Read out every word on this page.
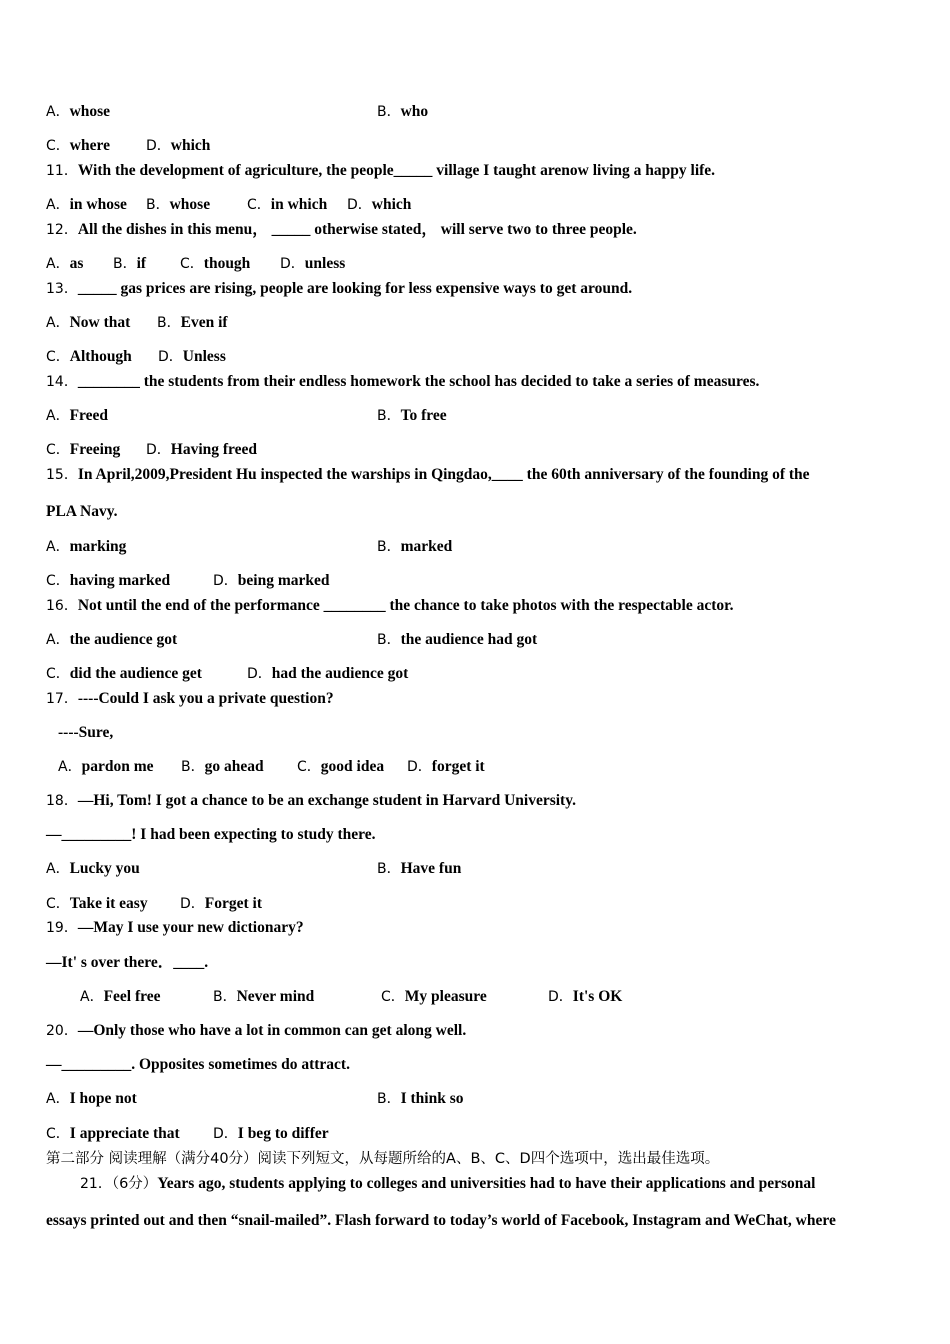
A．whose	B．who
C．where	D．which
11．With the development of agriculture, the people_____ village I taught arenow living a happy life.
A．in whose B．whose	C．in which D．which
12．All the dishes in this menu， _____ otherwise stated， will serve two to three people.
A．as B．if C．though D．unless
13．_____ gas prices are rising, people are looking for less expensive ways to get around.
A．Now that B．Even if
C．Although D．Unless
14．________ the students from their endless homework the school has decided to take a series of measures.
A．Freed	B．To free
C．Freeing D．Having freed
15．In April,2009,President Hu inspected the warships in Qingdao,____ the 60th anniversary of the founding of the
PLA Navy.
A．marking	B．marked
C．having marked	D．being marked
16．Not until the end of the performance ________ the chance to take photos with the respectable actor.
A．the audience got	B．the audience had got
C．did the audience get	D．had the audience got
17．----Could I ask you a private question?
----Sure,
A．pardon me B．go ahead C．good idea D．forget it
18．—Hi, Tom! I got a chance to be an exchange student in Harvard University.
—_________! I had been expecting to study there.
A．Lucky you	B．Have fun
C．Take it easy D．Forget it
19．—May I use your new dictionary?
—It' s over there．____.
A．Feel free	B．Never mind	C．My pleasure	D．It's OK
20．—Only those who have a lot in common can get along well.
—_________. Opposites sometimes do attract.
A．I hope not	B．I think so
C．I appreciate that D．I beg to differ
第二部分 阅读理解（满分40分）阅读下列短文，从每题所给的A、B、C、D四个选项中，选出最佳选项。
21．（6分）Years ago, students applying to colleges and universities had to have their applications and personal
essays printed out and then “snail-mailed”. Flash forward to today’s world of Facebook, Instagram and WeChat, where
